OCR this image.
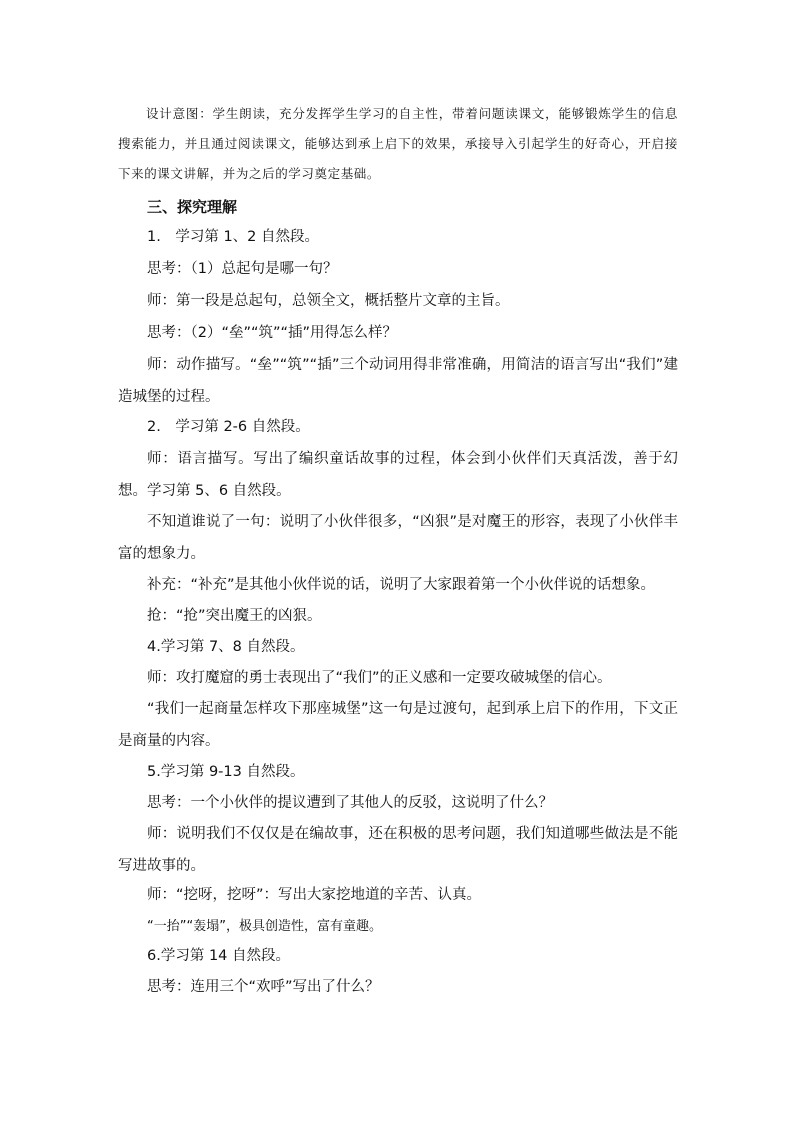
设计意图：学生朗读，充分发挥学生学习的自主性，带着问题读课文，能够锻炼学生的信息搜索能力，并且通过阅读课文，能够达到承上启下的效果，承接导入引起学生的好奇心，开启接下来的课文讲解，并为之后的学习奠定基础。

三、探究理解

1.　学习第 1、2 自然段。

思考：（1）总起句是哪一句？

师：第一段是总起句，总领全文，概括整片文章的主旨。

思考：（2）“垒”“筑”“插”用得怎么样？

师：动作描写。“垒”“筑”“插”三个动词用得非常准确，用简洁的语言写出“我们”建造城堡的过程。

2.　学习第 2-6 自然段。

师：语言描写。写出了编织童话故事的过程，体会到小伙伴们天真活泼，善于幻想。学习第 5、6 自然段。

不知道谁说了一句：说明了小伙伴很多，“凶狠”是对魔王的形容，表现了小伙伴丰富的想象力。

补充：“补充”是其他小伙伴说的话，说明了大家跟着第一个小伙伴说的话想象。

抢：“抢”突出魔王的凶狠。

4.学习第 7、8 自然段。

师：攻打魔窟的勇士表现出了“我们”的正义感和一定要攻破城堡的信心。

“我们一起商量怎样攻下那座城堡”这一句是过渡句，起到承上启下的作用，下文正是商量的内容。

5.学习第 9-13 自然段。

思考：一个小伙伴的提议遭到了其他人的反驳，这说明了什么？

师：说明我们不仅仅是在编故事，还在积极的思考问题，我们知道哪些做法是不能写进故事的。

师：“挖呀，挖呀”：写出大家挖地道的辛苦、认真。

“一抬”“轰塌”，极具创造性，富有童趣。

6.学习第 14 自然段。

思考：连用三个“欢呼”写出了什么？
